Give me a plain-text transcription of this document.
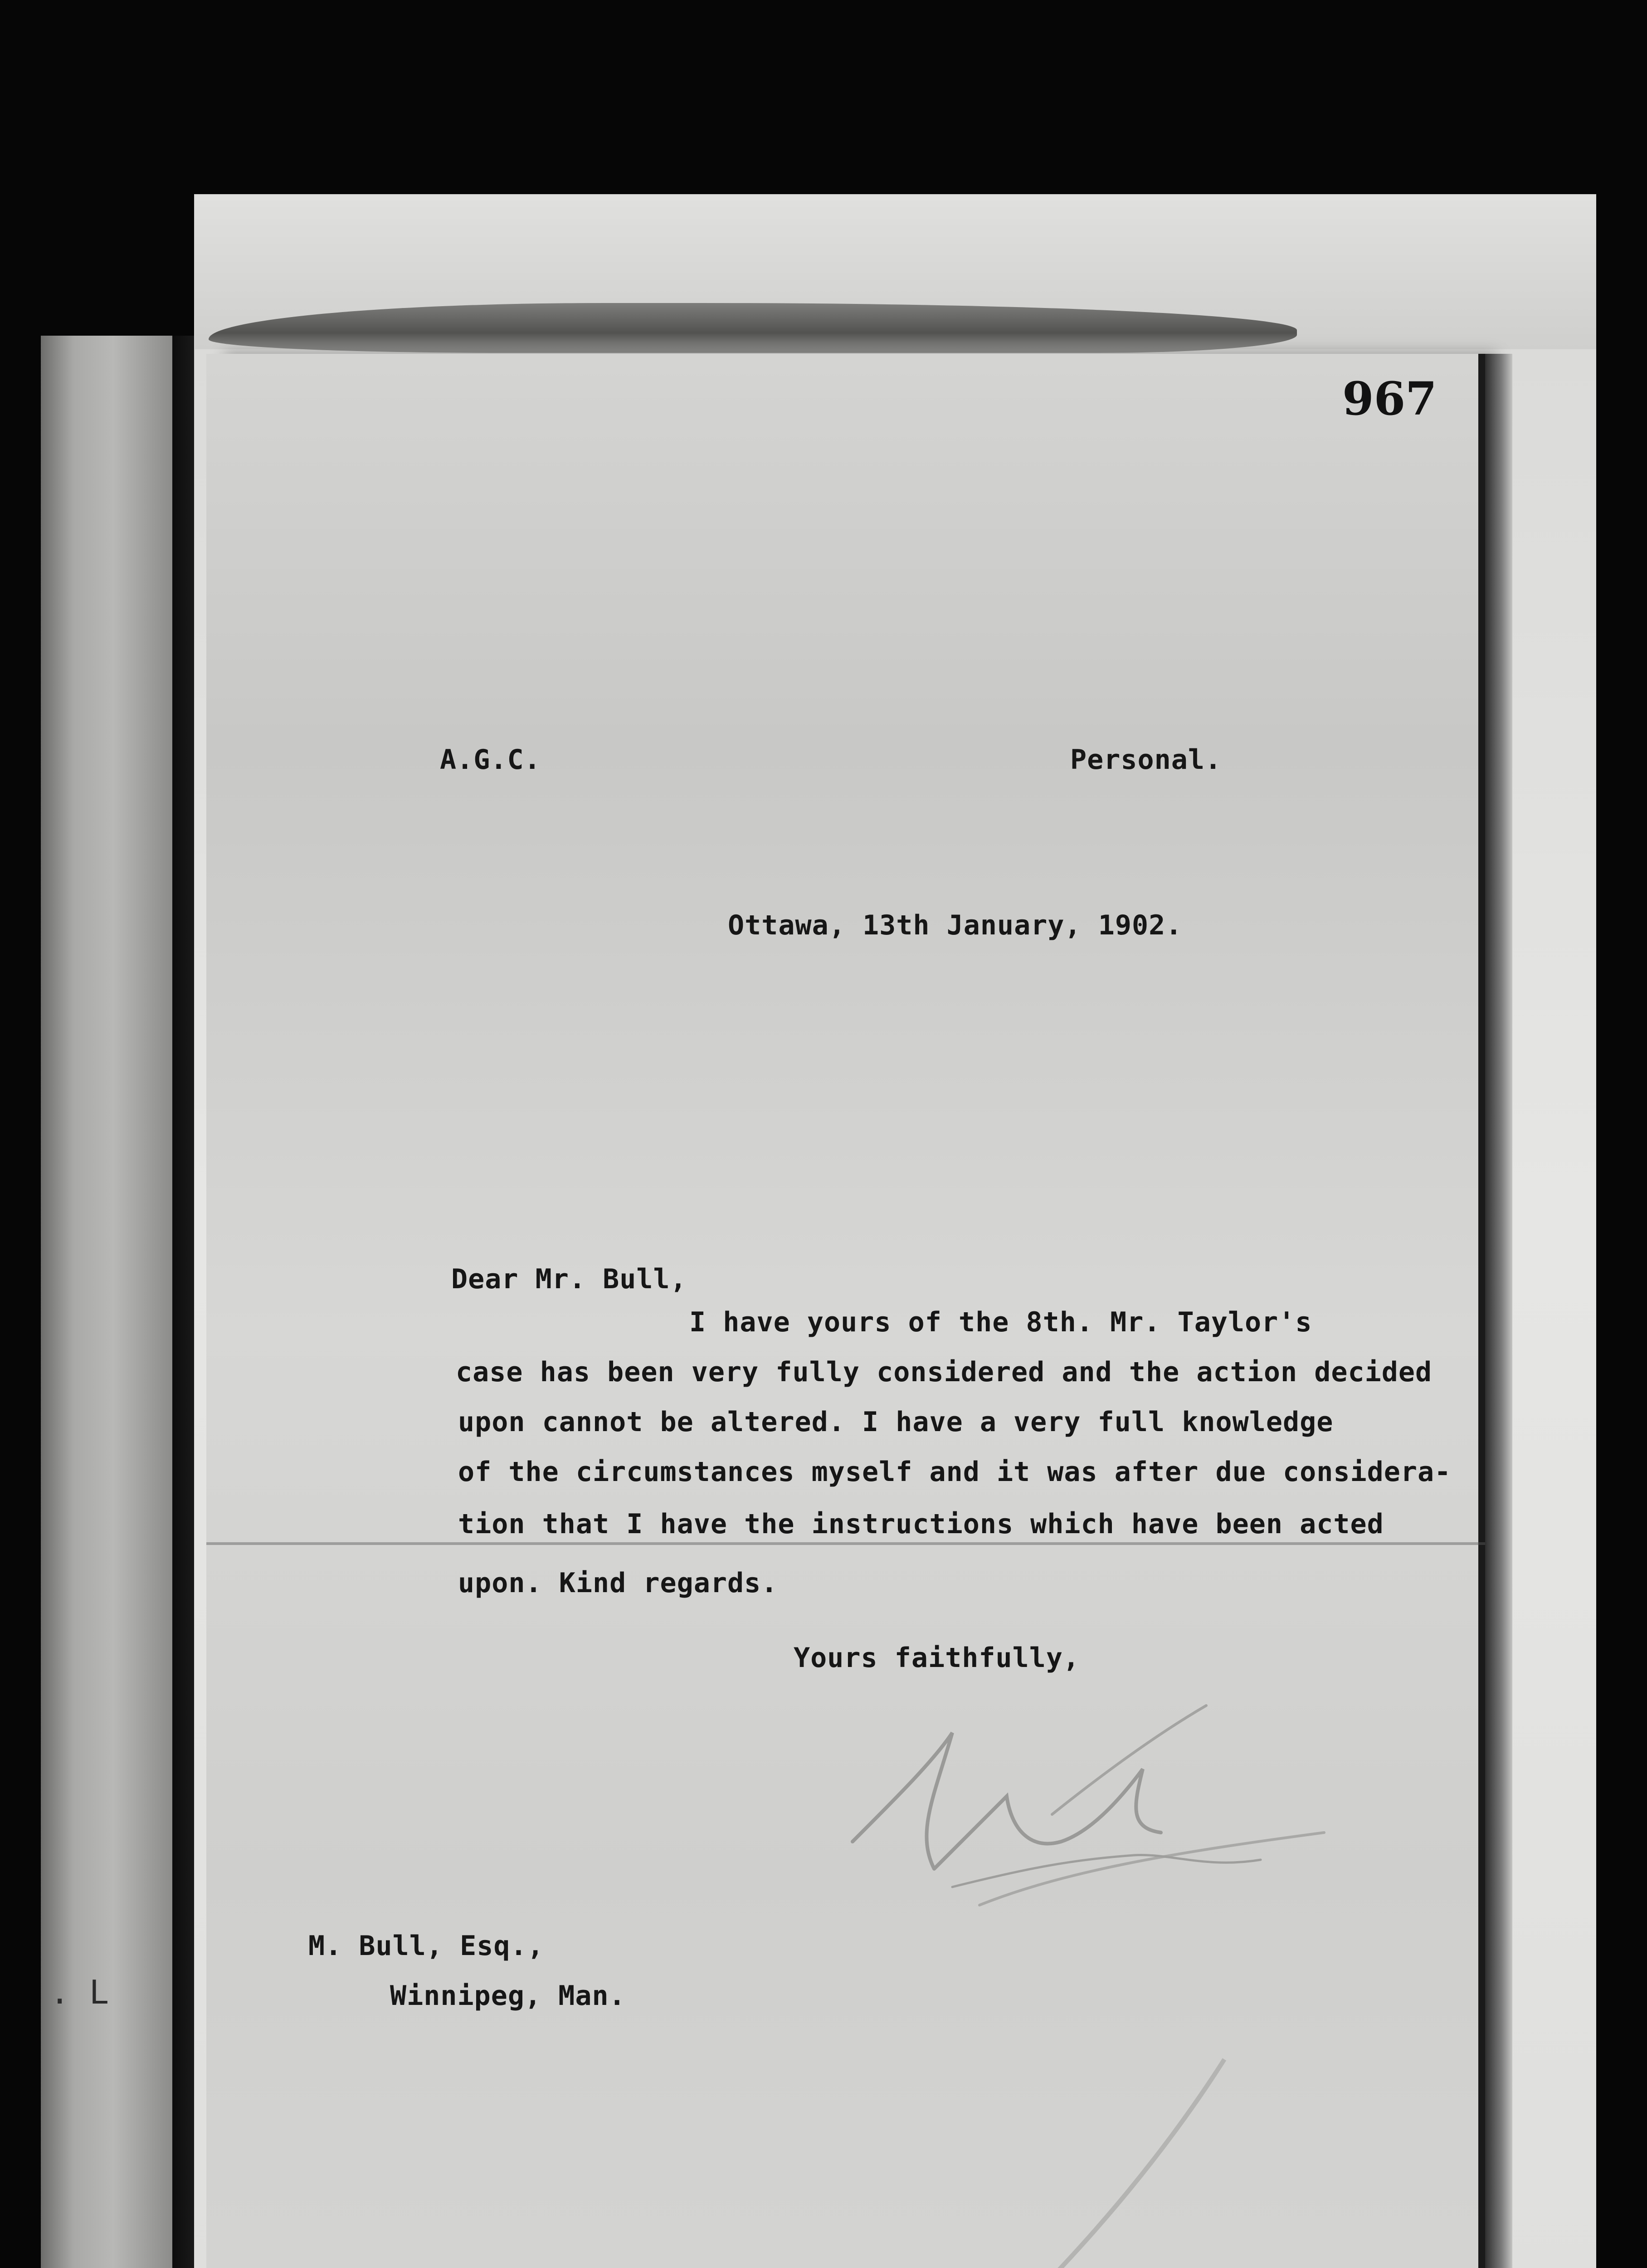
. L
967
A.G.C.	Personal.
Ottawa, 13th January, 1902.
Dear Mr. Bull,
I have yours of the 8th. Mr. Taylor's
case has been very fully considered and the action decided
upon cannot be altered. I have a very full knowledge
of the circumstances myself and it was after due considera-
tion that I have the instructions which have been acted
upon. Kind regards.
Yours faithfully,
M. Bull, Esq.,
Winnipeg, Man.
